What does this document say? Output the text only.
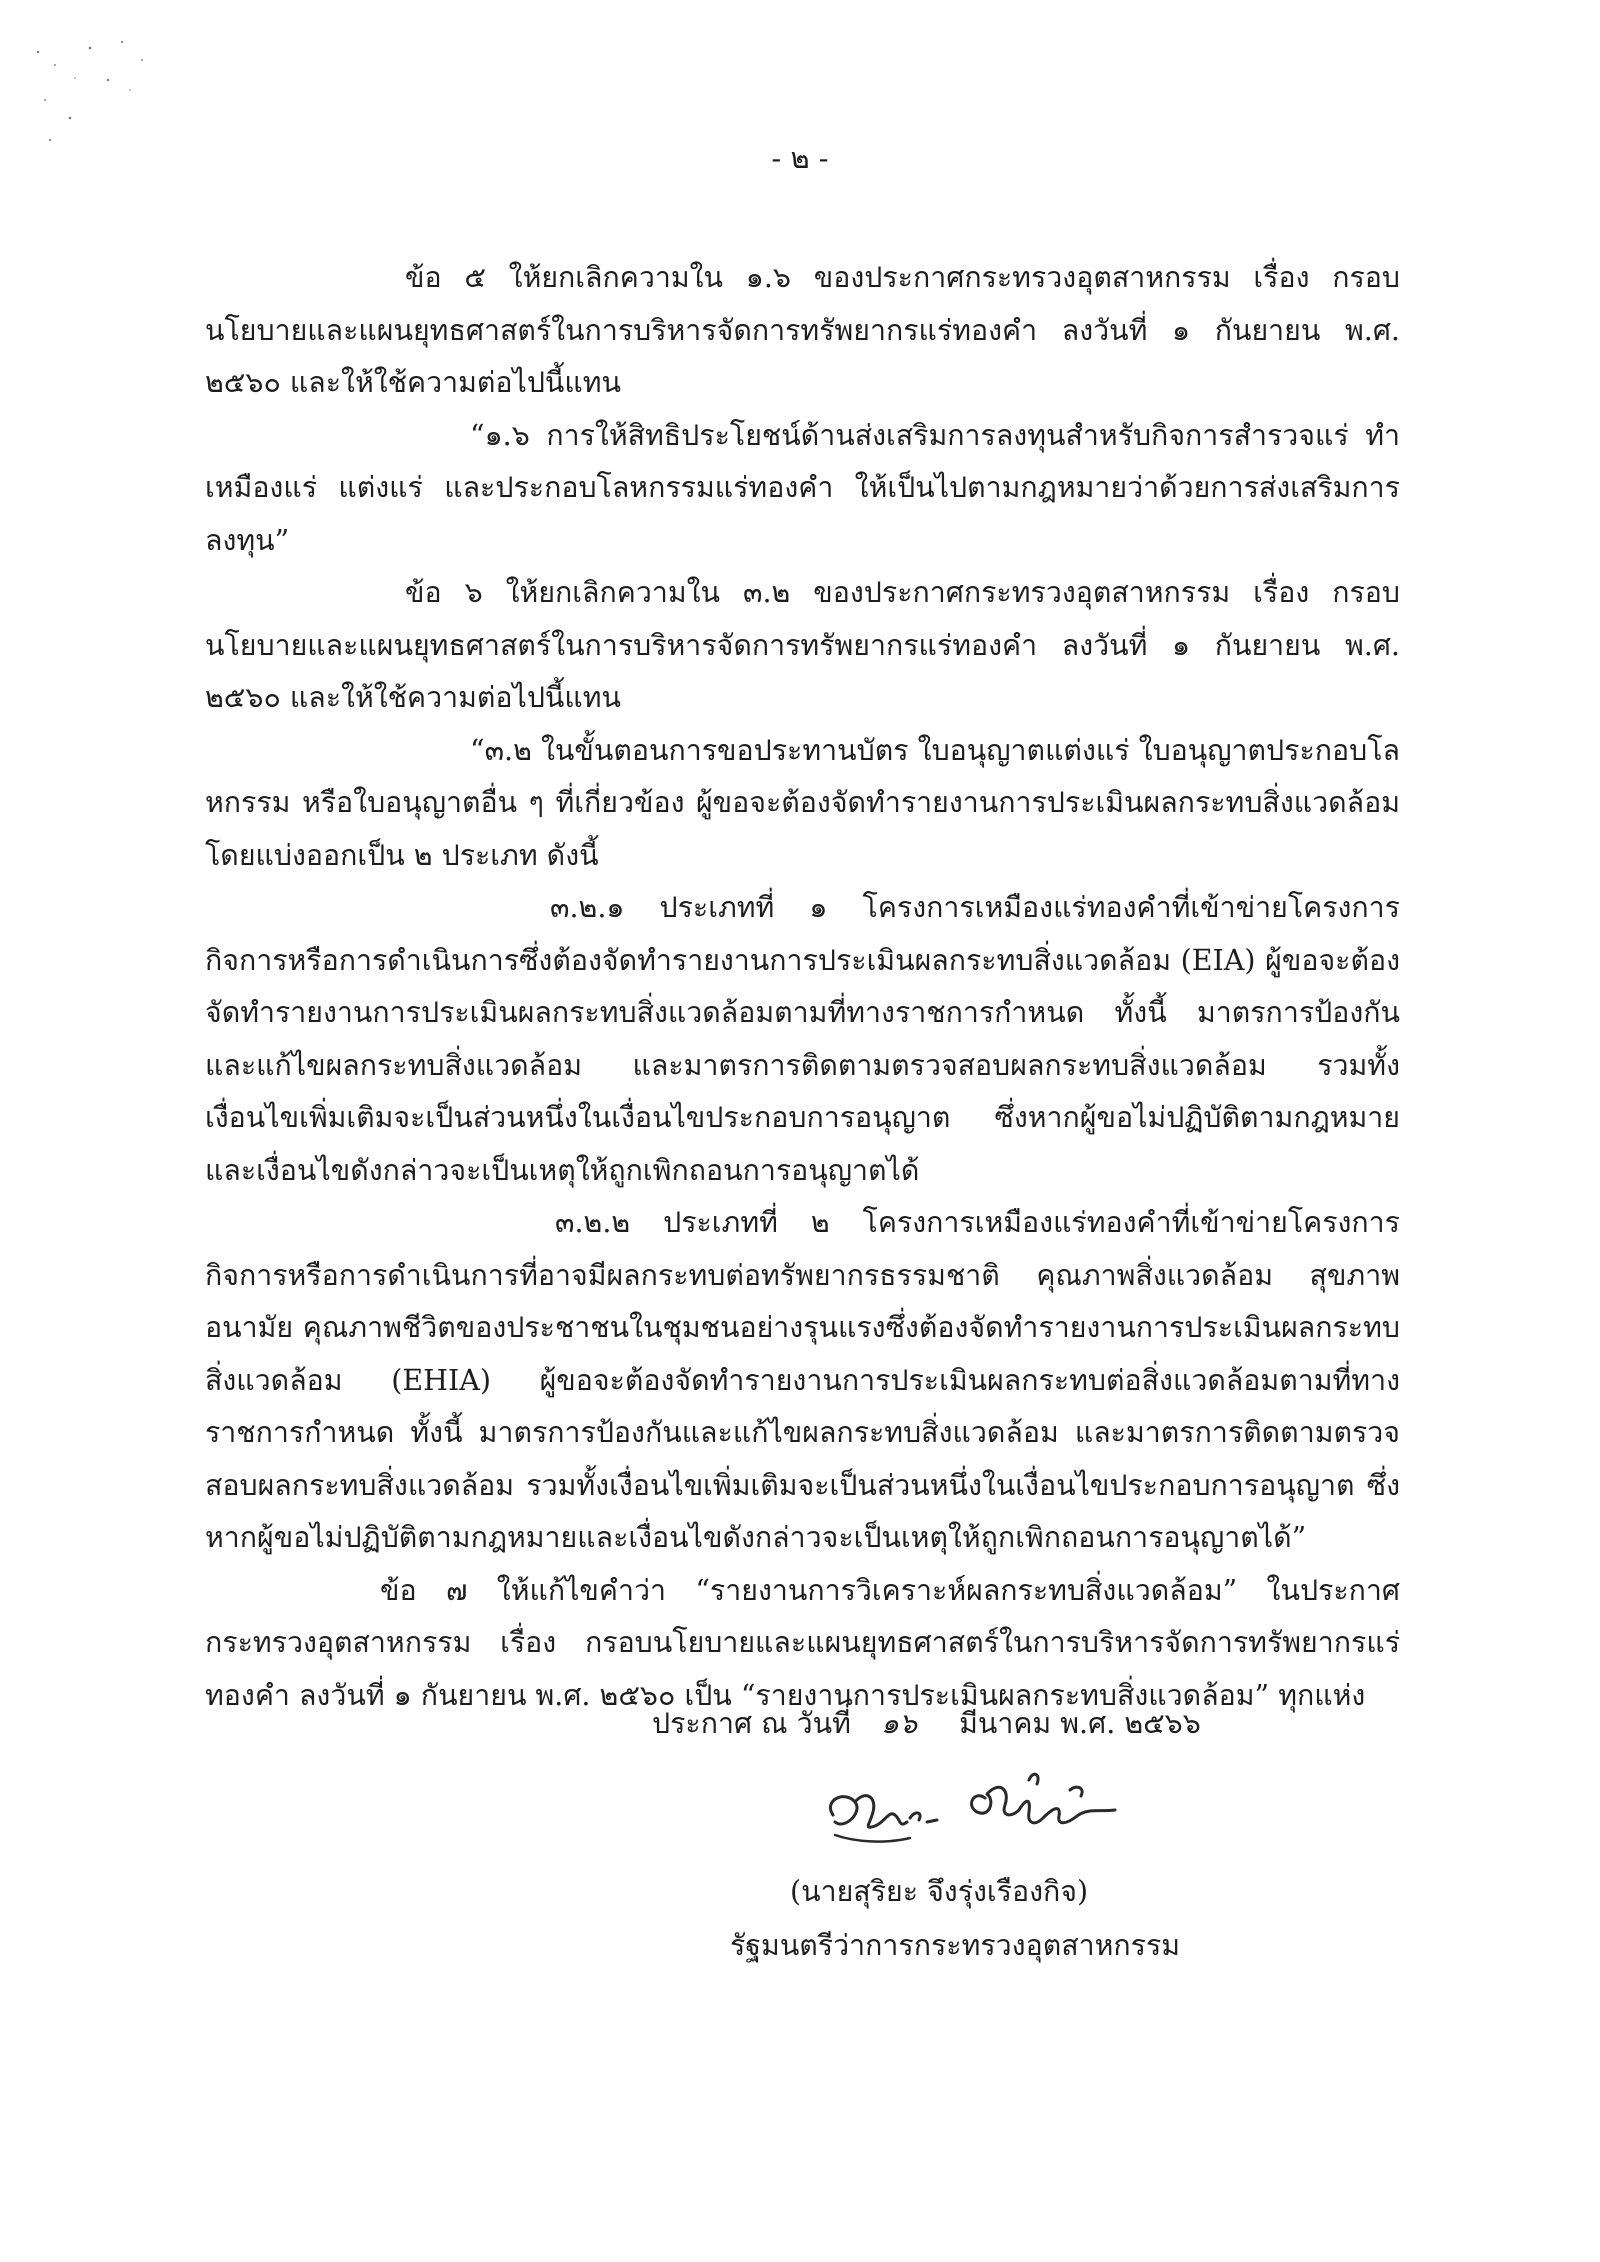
- ๒ -

ข้อ ๕ ให้ยกเลิกความใน ๑.๖ ของประกาศกระทรวงอุตสาหกรรม เรื่อง กรอบนโยบายและแผนยุทธศาสตร์ในการบริหารจัดการทรัพยากรแร่ทองคำ ลงวันที่ ๑ กันยายน พ.ศ. ๒๕๖๐ และให้ใช้ความต่อไปนี้แทน

“๑.๖ การให้สิทธิประโยชน์ด้านส่งเสริมการลงทุนสำหรับกิจการสำรวจแร่ ทำเหมืองแร่ แต่งแร่ และประกอบโลหกรรมแร่ทองคำ ให้เป็นไปตามกฎหมายว่าด้วยการส่งเสริมการลงทุน”

ข้อ ๖ ให้ยกเลิกความใน ๓.๒ ของประกาศกระทรวงอุตสาหกรรม เรื่อง กรอบนโยบายและแผนยุทธศาสตร์ในการบริหารจัดการทรัพยากรแร่ทองคำ ลงวันที่ ๑ กันยายน พ.ศ. ๒๕๖๐ และให้ใช้ความต่อไปนี้แทน

“๓.๒ ในขั้นตอนการขอประทานบัตร ใบอนุญาตแต่งแร่ ใบอนุญาตประกอบโลหกรรม หรือใบอนุญาตอื่น ๆ ที่เกี่ยวข้อง ผู้ขอจะต้องจัดทำรายงานการประเมินผลกระทบสิ่งแวดล้อม โดยแบ่งออกเป็น ๒ ประเภท ดังนี้

๓.๒.๑ ประเภทที่ ๑ โครงการเหมืองแร่ทองคำที่เข้าข่ายโครงการ กิจการหรือการดำเนินการซึ่งต้องจัดทำรายงานการประเมินผลกระทบสิ่งแวดล้อม (EIA) ผู้ขอจะต้องจัดทำรายงานการประเมินผลกระทบสิ่งแวดล้อมตามที่ทางราชการกำหนด ทั้งนี้ มาตรการป้องกันและแก้ไขผลกระทบสิ่งแวดล้อม และมาตรการติดตามตรวจสอบผลกระทบสิ่งแวดล้อม รวมทั้งเงื่อนไขเพิ่มเติมจะเป็นส่วนหนึ่งในเงื่อนไขประกอบการอนุญาต ซึ่งหากผู้ขอไม่ปฏิบัติตามกฎหมายและเงื่อนไขดังกล่าวจะเป็นเหตุให้ถูกเพิกถอนการอนุญาตได้

๓.๒.๒ ประเภทที่ ๒ โครงการเหมืองแร่ทองคำที่เข้าข่ายโครงการ กิจการหรือการดำเนินการที่อาจมีผลกระทบต่อทรัพยากรธรรมชาติ คุณภาพสิ่งแวดล้อม สุขภาพ อนามัย คุณภาพชีวิตของประชาชนในชุมชนอย่างรุนแรงซึ่งต้องจัดทำรายงานการประเมินผลกระทบสิ่งแวดล้อม (EHIA) ผู้ขอจะต้องจัดทำรายงานการประเมินผลกระทบต่อสิ่งแวดล้อมตามที่ทางราชการกำหนด ทั้งนี้ มาตรการป้องกันและแก้ไขผลกระทบสิ่งแวดล้อม และมาตรการติดตามตรวจสอบผลกระทบสิ่งแวดล้อม รวมทั้งเงื่อนไขเพิ่มเติมจะเป็นส่วนหนึ่งในเงื่อนไขประกอบการอนุญาต ซึ่งหากผู้ขอไม่ปฏิบัติตามกฎหมายและเงื่อนไขดังกล่าวจะเป็นเหตุให้ถูกเพิกถอนการอนุญาตได้”

ข้อ ๗ ให้แก้ไขคำว่า “รายงานการวิเคราะห์ผลกระทบสิ่งแวดล้อม” ในประกาศกระทรวงอุตสาหกรรม เรื่อง กรอบนโยบายและแผนยุทธศาสตร์ในการบริหารจัดการทรัพยากรแร่ทองคำ ลงวันที่ ๑ กันยายน พ.ศ. ๒๕๖๐ เป็น “รายงานการประเมินผลกระทบสิ่งแวดล้อม” ทุกแห่ง

ประกาศ ณ วันที่ ๑๖ มีนาคม พ.ศ. ๒๕๖๖
(นายสุริยะ จึงรุ่งเรืองกิจ)
รัฐมนตรีว่าการกระทรวงอุตสาหกรรม
